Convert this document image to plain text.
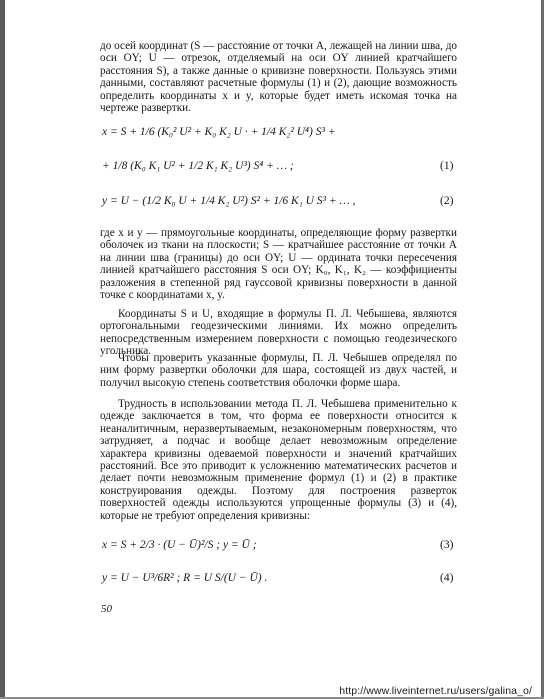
до осей координат (S — расстояние от точки A, лежащей на линии шва, до оси OY; U — отрезок, отделяемый на оси OY линией кратчайшего расстояния S), а также данные о кривизне поверхности. Пользуясь этими данными, составляют расчетные формулы (1) и (2), дающие возможность определить координаты x и y, которые будет иметь искомая точка на чертеже развертки.

x = S + 1/6 (K₀² U² + K₀ K₂ U · + 1/4 K₂² U⁴) S³ +
+ 1/8 (K₀ K₁ U² + 1/2 K₁ K₂ U³) S⁴ + … ;	(1)
y = U − (1/2 K₀ U + 1/4 K₂ U²) S² + 1/6 K₁ U S³ + … ,	(2)

где x и y — прямоугольные координаты, определяющие форму развертки оболочек из ткани на плоскости; S — кратчайшее расстояние от точки A на линии шва (границы) до оси OY; U — ордината точки пересечения линией кратчайшего расстояния S оси OY; K₀, K₁, K₂ — коэффициенты разложения в степенной ряд гауссовой кривизны поверхности в данной точке с координатами x, y.

Координаты S и U, входящие в формулы П. Л. Чебышева, являются ортогональными геодезическими линиями. Их можно определить непосредственным измерением поверхности с помощью геодезического угольника.

Чтобы проверить указанные формулы, П. Л. Чебышев определял по ним форму развертки оболочки для шара, состоящей из двух частей, и получил высокую степень соответствия оболочки форме шара.

Трудность в использовании метода П. Л. Чебышева применительно к одежде заключается в том, что форма ее поверхности относится к неаналитичным, неразвертываемым, незакономерным поверхностям, что затрудняет, а подчас и вообще делает невозможным определение характера кривизны одеваемой поверхности и значений кратчайших расстояний. Все это приводит к усложнению математических расчетов и делает почти невозможным применение формул (1) и (2) в практике конструирования одежды. Поэтому для построения разверток поверхностей одежды используются упрощенные формулы (3) и (4), которые не требуют определения кривизны:

x = S + 2/3 · (U − Ū)²/S ; y = Ū ;	(3)
y = U − U³/6R² ; R = U S/(U − Ū) .	(4)
50
http://www.liveinternet.ru/users/galina_o/
